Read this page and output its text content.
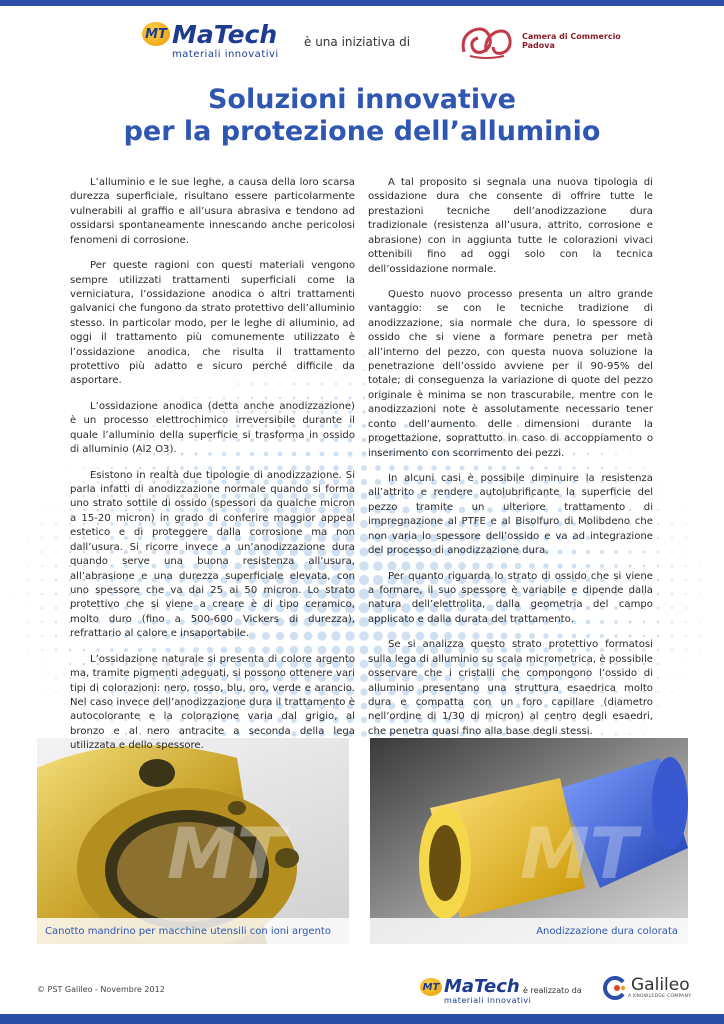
MT MaTech
materiali innovativi
è una iniziativa di	Camera di Commercio
Padova
Soluzioni innovative
per la protezione dell’alluminio

L’alluminio e le sue leghe, a causa della loro scarsa durezza superficiale, risultano essere particolarmente vulnerabili al graffio e all’usura abrasiva e tendono ad ossidarsi spontaneamente innescando anche pericolosi fenomeni di corrosione.

Per queste ragioni con questi materiali vengono sempre utilizzati trattamenti superficiali come la verniciatura, l’ossidazione anodica o altri trattamenti galvanici che fungono da strato protettivo dell’alluminio stesso. In particolar modo, per le leghe di alluminio, ad oggi il trattamento più comunemente utilizzato è l’ossidazione anodica, che risulta il trattamento protettivo più adatto e sicuro perché difficile da asportare.

L’ossidazione anodica (detta anche anodizzazione) è un processo elettrochimico irreversibile durante il quale l’alluminio della superficie si trasforma in ossido di alluminio (Al2 O3).

Esistono in realtà due tipologie di anodizzazione. Si parla infatti di anodizzazione normale quando si forma uno strato sottile di ossido (spessori da qualche micron a 15-20 micron) in grado di conferire maggior appeal estetico e di proteggere dalla corrosione ma non dall’usura. Si ricorre invece a un’anodizzazione dura quando serve una buona resistenza all’usura, all’abrasione e una durezza superficiale elevata, con uno spessore che va dai 25 ai 50 micron. Lo strato protettivo che si viene a creare è di tipo ceramico, molto duro (fino a 500-600 Vickers di durezza), refrattario al calore e insaportabile.

L’ossidazione naturale si presenta di colore argento ma, tramite pigmenti adeguati, si possono ottenere vari tipi di colorazioni: nero, rosso, blu, oro, verde e arancio. Nel caso invece dell’anodizzazione dura il trattamento è autocolorante e la colorazione varia dal grigio, al bronzo e al nero antracite a seconda della lega utilizzata e dello spessore.

A tal proposito si segnala una nuova tipologia di ossidazione dura che consente di offrire tutte le prestazioni tecniche dell’anodizzazione dura tradizionale (resistenza all’usura, attrito, corrosione e abrasione) con in aggiunta tutte le colorazioni vivaci ottenibili fino ad oggi solo con la tecnica dell’ossidazione normale.

Questo nuovo processo presenta un altro grande vantaggio: se con le tecniche tradizione di anodizzazione, sia normale che dura, lo spessore di ossido che si viene a formare penetra per metà all’interno del pezzo, con questa nuova soluzione la penetrazione dell’ossido avviene per il 90-95% del totale; di conseguenza la variazione di quote del pezzo originale è minima se non trascurabile, mentre con le anodizzazioni note è assolutamente necessario tener conto dell’aumento delle dimensioni durante la progettazione, soprattutto in caso di accoppiamento o inserimento con scorrimento dei pezzi.

In alcuni casi è possibile diminuire la resistenza all’attrito e rendere autolubrificante la superficie del pezzo tramite un ulteriore trattamento di impregnazione al PTFE e al Bisolfuro di Molibdeno che non varia lo spessore dell’ossido e va ad integrazione del processo di anodizzazione dura.

Per quanto riguarda lo strato di ossido che si viene a formare, il suo spessore è variabile e dipende dalla natura dell’elettrolita, dalla geometria del campo applicato e dalla durata del trattamento.

Se si analizza questo strato protettivo formatosi sulla lega di alluminio su scala micrometrica, è possibile osservare che i cristalli che compongono l’ossido di alluminio presentano una struttura esaedrica molto dura e compatta con un foro capillare (diametro nell’ordine di 1/30 di micron) al centro degli esaedri, che penetra quasi fino alla base degli stessi.

MT
Canotto mandrino per macchine utensili con ioni argento
MT
Anodizzazione dura colorata
© PST Galileo - Novembre 2012	MT MaTech
materiali innovativi
è realizzato da	Galileo
A KNOWLEDGE COMPANY
